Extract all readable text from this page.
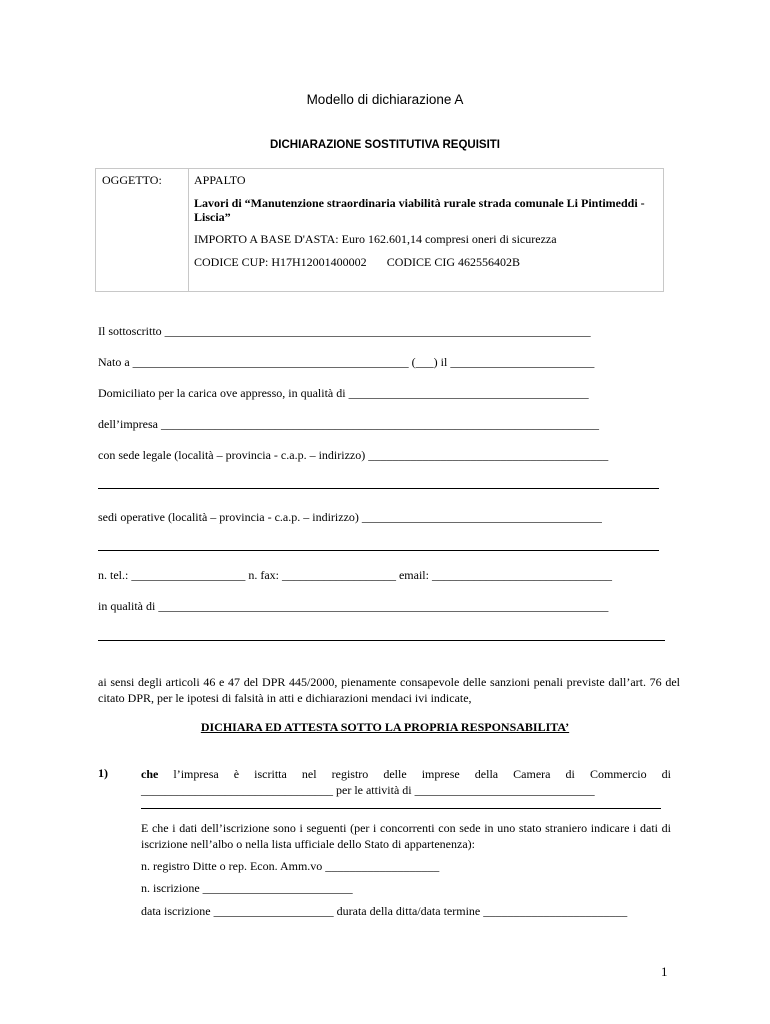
Modello di dichiarazione A
DICHIARAZIONE SOSTITUTIVA REQUISITI
OGGETTO:	APPALTO
Lavori di “Manutenzione straordinaria viabilità rurale strada comunale Li Pintimeddi - Liscia”
IMPORTO A BASE D'ASTA: Euro 162.601,14 compresi oneri di sicurezza
CODICE CUP: H17H12001400002 CODICE CIG 462556402B
Il sottoscritto _______________________________________________________________________
Nato a ______________________________________________ (___) il ________________________
Domiciliato per la carica ove appresso, in qualità di ________________________________________
dell’impresa _________________________________________________________________________
con sede legale (località – provincia - c.a.p. – indirizzo) ________________________________________
sedi operative (località – provincia - c.a.p. – indirizzo) ________________________________________
n. tel.: ___________________ n. fax: ___________________ email: ______________________________
in qualità di ___________________________________________________________________________
ai sensi degli articoli 46 e 47 del DPR 445/2000, pienamente consapevole delle sanzioni penali previste dall’art. 76 del citato DPR, per le ipotesi di falsità in atti e dichiarazioni mendaci ivi indicate,
DICHIARA ED ATTESTA SOTTO LA PROPRIA RESPONSABILITA’
1)	che l’impresa è iscritta nel registro delle imprese della Camera di Commercio di
________________________________ per le attività di ______________________________
E che i dati dell’iscrizione sono i seguenti (per i concorrenti con sede in uno stato straniero indicare i dati di iscrizione nell’albo o nella lista ufficiale dello Stato di appartenenza):
n. registro Ditte o rep. Econ. Amm.vo ___________________
n. iscrizione _________________________
data iscrizione ____________________ durata della ditta/data termine ________________________
1
